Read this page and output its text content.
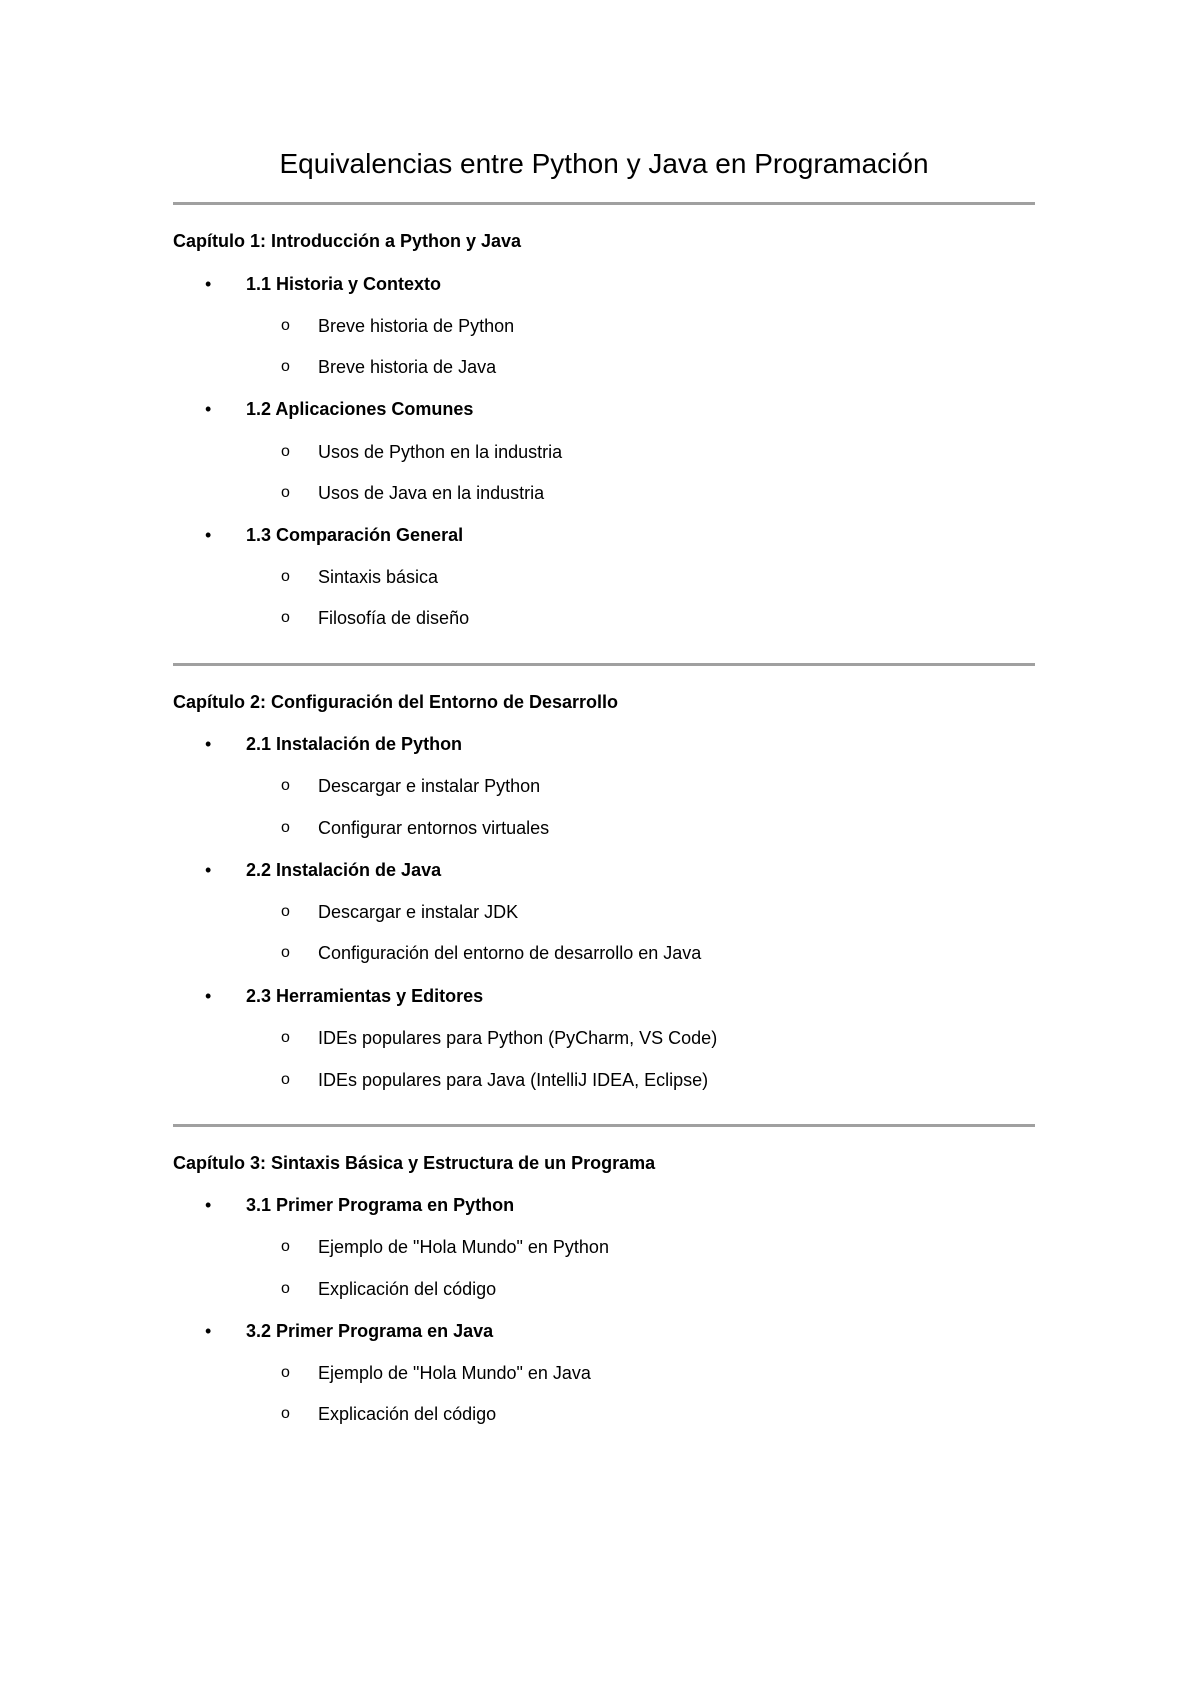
Equivalencias entre Python y Java en Programación
Capítulo 1: Introducción a Python y Java
• 1.1 Historia y Contexto
o Breve historia de Python
o Breve historia de Java
• 1.2 Aplicaciones Comunes
o Usos de Python en la industria
o Usos de Java en la industria
• 1.3 Comparación General
o Sintaxis básica
o Filosofía de diseño
Capítulo 2: Configuración del Entorno de Desarrollo
• 2.1 Instalación de Python
o Descargar e instalar Python
o Configurar entornos virtuales
• 2.2 Instalación de Java
o Descargar e instalar JDK
o Configuración del entorno de desarrollo en Java
• 2.3 Herramientas y Editores
o IDEs populares para Python (PyCharm, VS Code)
o IDEs populares para Java (IntelliJ IDEA, Eclipse)
Capítulo 3: Sintaxis Básica y Estructura de un Programa
• 3.1 Primer Programa en Python
o Ejemplo de "Hola Mundo" en Python
o Explicación del código
• 3.2 Primer Programa en Java
o Ejemplo de "Hola Mundo" en Java
o Explicación del código
